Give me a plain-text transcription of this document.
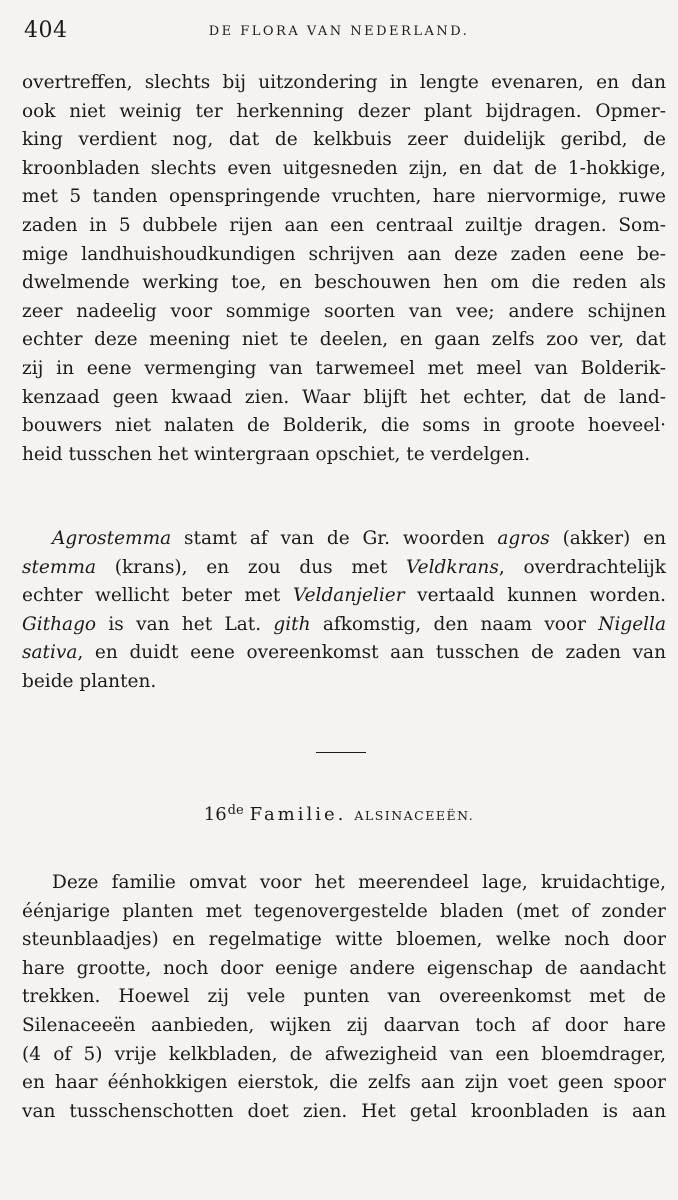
404	DE FLORA VAN NEDERLAND.
overtreffen, slechts bij uitzondering in lengte evenaren, en dan
ook niet weinig ter herkenning dezer plant bijdragen. Opmer-
king verdient nog, dat de kelkbuis zeer duidelijk geribd, de
kroonbladen slechts even uitgesneden zijn, en dat de 1-hokkige,
met 5 tanden openspringende vruchten, hare niervormige, ruwe
zaden in 5 dubbele rijen aan een centraal zuiltje dragen. Som-
mige landhuishoudkundigen schrijven aan deze zaden eene be-
dwelmende werking toe, en beschouwen hen om die reden als
zeer nadeelig voor sommige soorten van vee; andere schijnen
echter deze meening niet te deelen, en gaan zelfs zoo ver, dat
zij in eene vermenging van tarwemeel met meel van Bolderik-
kenzaad geen kwaad zien. Waar blijft het echter, dat de land-
bouwers niet nalaten de Bolderik, die soms in groote hoeveel·
heid tusschen het wintergraan opschiet, te verdelgen.
Agrostemma stamt af van de Gr. woorden agros (akker) en
stemma (krans), en zou dus met Veldkrans, overdrachtelijk
echter wellicht beter met Veldanjelier vertaald kunnen worden.
Githago is van het Lat. gith afkomstig, den naam voor Nigella
sativa, en duidt eene overeenkomst aan tusschen de zaden van
beide planten.
16de Familie. ALSINACEEËN.
Deze familie omvat voor het meerendeel lage, kruidachtige,
éénjarige planten met tegenovergestelde bladen (met of zonder
steunblaadjes) en regelmatige witte bloemen, welke noch door
hare grootte, noch door eenige andere eigenschap de aandacht
trekken. Hoewel zij vele punten van overeenkomst met de
Silenaceeën aanbieden, wijken zij daarvan toch af door hare
(4 of 5) vrije kelkbladen, de afwezigheid van een bloemdrager,
en haar éénhokkigen eierstok, die zelfs aan zijn voet geen spoor
van tusschenschotten doet zien. Het getal kroonbladen is aan
